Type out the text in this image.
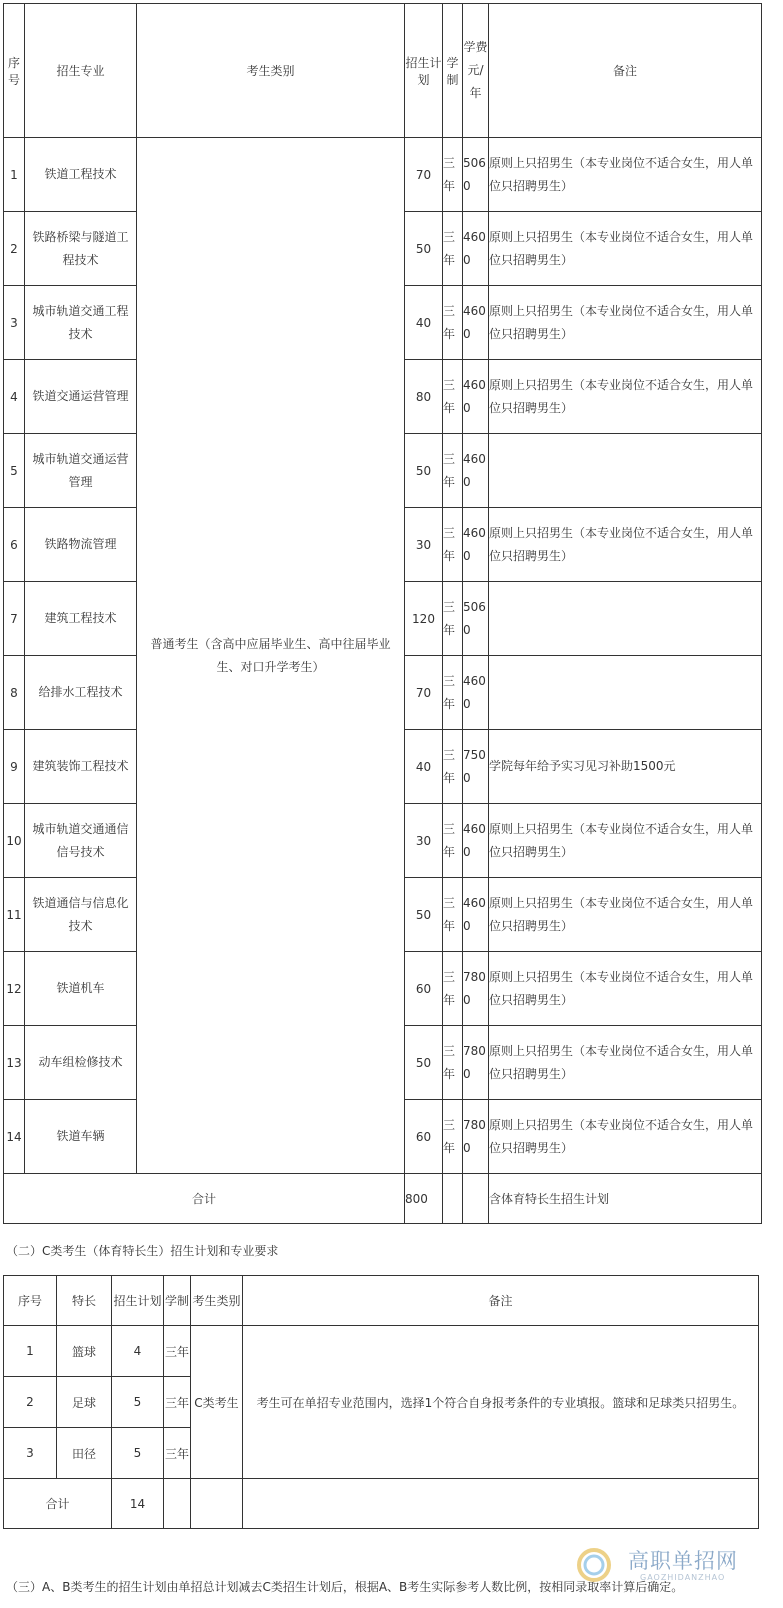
序号	招生专业	考生类别	招生计划	学制	学费元/年	备注
1	铁道工程技术	普通考生（含高中应届毕业生、高中往届毕业生、对口升学考生）	70	三年	5060	原则上只招男生（本专业岗位不适合女生，用人单位只招聘男生）
2	铁路桥梁与隧道工程技术		50	三年	4600	原则上只招男生（本专业岗位不适合女生，用人单位只招聘男生）
3	城市轨道交通工程技术		40	三年	4600	原则上只招男生（本专业岗位不适合女生，用人单位只招聘男生）
4	铁道交通运营管理		80	三年	4600	原则上只招男生（本专业岗位不适合女生，用人单位只招聘男生）
5	城市轨道交通运营管理		50	三年	4600	
6	铁路物流管理		30	三年	4600	原则上只招男生（本专业岗位不适合女生，用人单位只招聘男生）
7	建筑工程技术		120	三年	5060	
8	给排水工程技术		70	三年	4600	
9	建筑装饰工程技术		40	三年	7500	学院每年给予实习见习补助1500元
10	城市轨道交通通信信号技术		30	三年	4600	原则上只招男生（本专业岗位不适合女生，用人单位只招聘男生）
11	铁道通信与信息化技术		50	三年	4600	原则上只招男生（本专业岗位不适合女生，用人单位只招聘男生）
12	铁道机车		60	三年	7800	原则上只招男生（本专业岗位不适合女生，用人单位只招聘男生）
13	动车组检修技术		50	三年	7800	原则上只招男生（本专业岗位不适合女生，用人单位只招聘男生）
14	铁道车辆		60	三年	7800	原则上只招男生（本专业岗位不适合女生，用人单位只招聘男生）
合计			800			含体育特长生招生计划
（二）C类考生（体育特长生）招生计划和专业要求
序号	特长	招生计划	学制	考生类别	备注
1	篮球	4	三年	C类考生	考生可在单招专业范围内，选择1个符合自身报考条件的专业填报。篮球和足球类只招男生。
2	足球	5	三年		
3	田径	5	三年		
合计		14			
（三）A、B类考生的招生计划由单招总计划减去C类招生计划后，根据A、B考生实际参考人数比例，按相同录取率计算后确定。
高职单招网
GAOZHIDANZHAO
